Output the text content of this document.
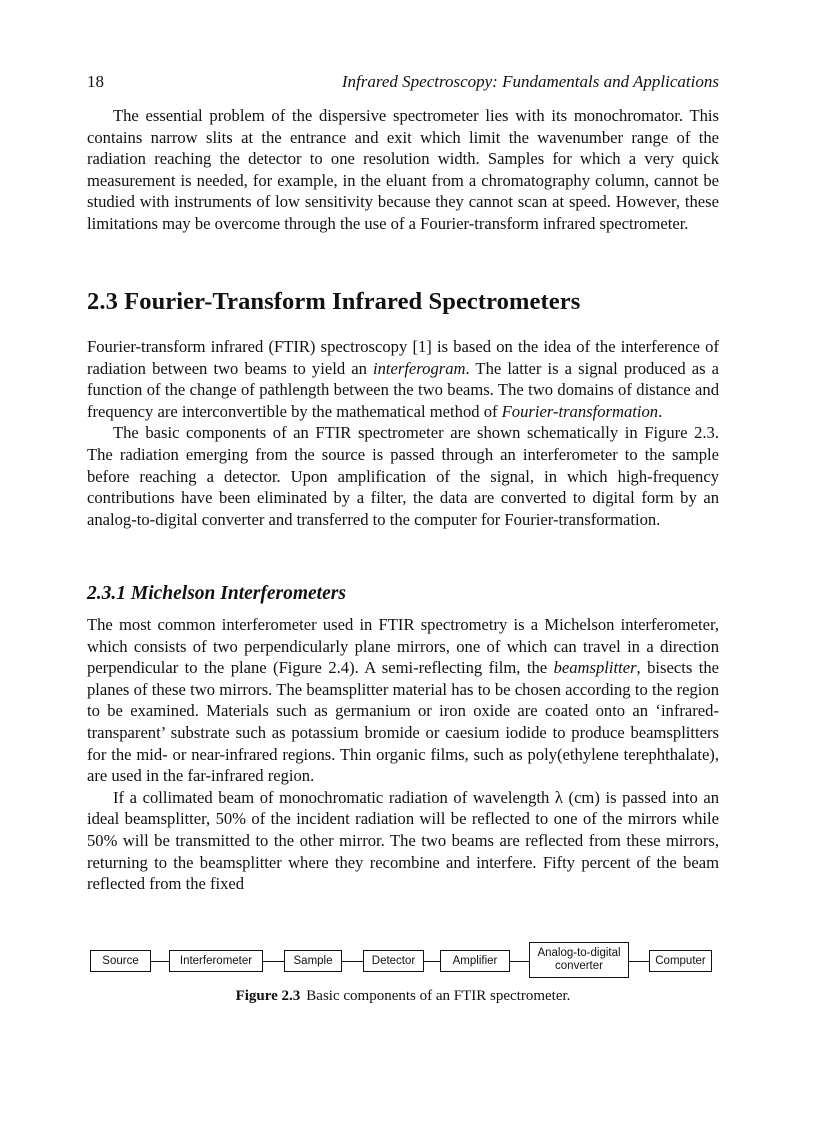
18	Infrared Spectroscopy: Fundamentals and Applications

The essential problem of the dispersive spectrometer lies with its monochromator. This contains narrow slits at the entrance and exit which limit the wavenumber range of the radiation reaching the detector to one resolution width. Samples for which a very quick measurement is needed, for example, in the eluant from a chromatography column, cannot be studied with instruments of low sensitivity because they cannot scan at speed. However, these limitations may be overcome through the use of a Fourier-transform infrared spectrometer.

2.3 Fourier-Transform Infrared Spectrometers

Fourier-transform infrared (FTIR) spectroscopy [1] is based on the idea of the interference of radiation between two beams to yield an interferogram. The latter is a signal produced as a function of the change of pathlength between the two beams. The two domains of distance and frequency are interconvertible by the mathematical method of Fourier-transformation.

The basic components of an FTIR spectrometer are shown schematically in Figure 2.3. The radiation emerging from the source is passed through an interferometer to the sample before reaching a detector. Upon amplification of the signal, in which high-frequency contributions have been eliminated by a filter, the data are converted to digital form by an analog-to-digital converter and transferred to the computer for Fourier-transformation.

2.3.1 Michelson Interferometers

The most common interferometer used in FTIR spectrometry is a Michelson interferometer, which consists of two perpendicularly plane mirrors, one of which can travel in a direction perpendicular to the plane (Figure 2.4). A semi-reflecting film, the beamsplitter, bisects the planes of these two mirrors. The beamsplitter material has to be chosen according to the region to be examined. Materials such as germanium or iron oxide are coated onto an ‘infrared-transparent’ substrate such as potassium bromide or caesium iodide to produce beamsplitters for the mid- or near-infrared regions. Thin organic films, such as poly(ethylene terephthalate), are used in the far-infrared region.

If a collimated beam of monochromatic radiation of wavelength λ (cm) is passed into an ideal beamsplitter, 50% of the incident radiation will be reflected to one of the mirrors while 50% will be transmitted to the other mirror. The two beams are reflected from these mirrors, returning to the beamsplitter where they recombine and interfere. Fifty percent of the beam reflected from the fixed

Figure 2.3 Basic components of an FTIR spectrometer.
Source	Interferometer	Sample	Detector	Amplifier
Analog-to-digital converter	Computer
